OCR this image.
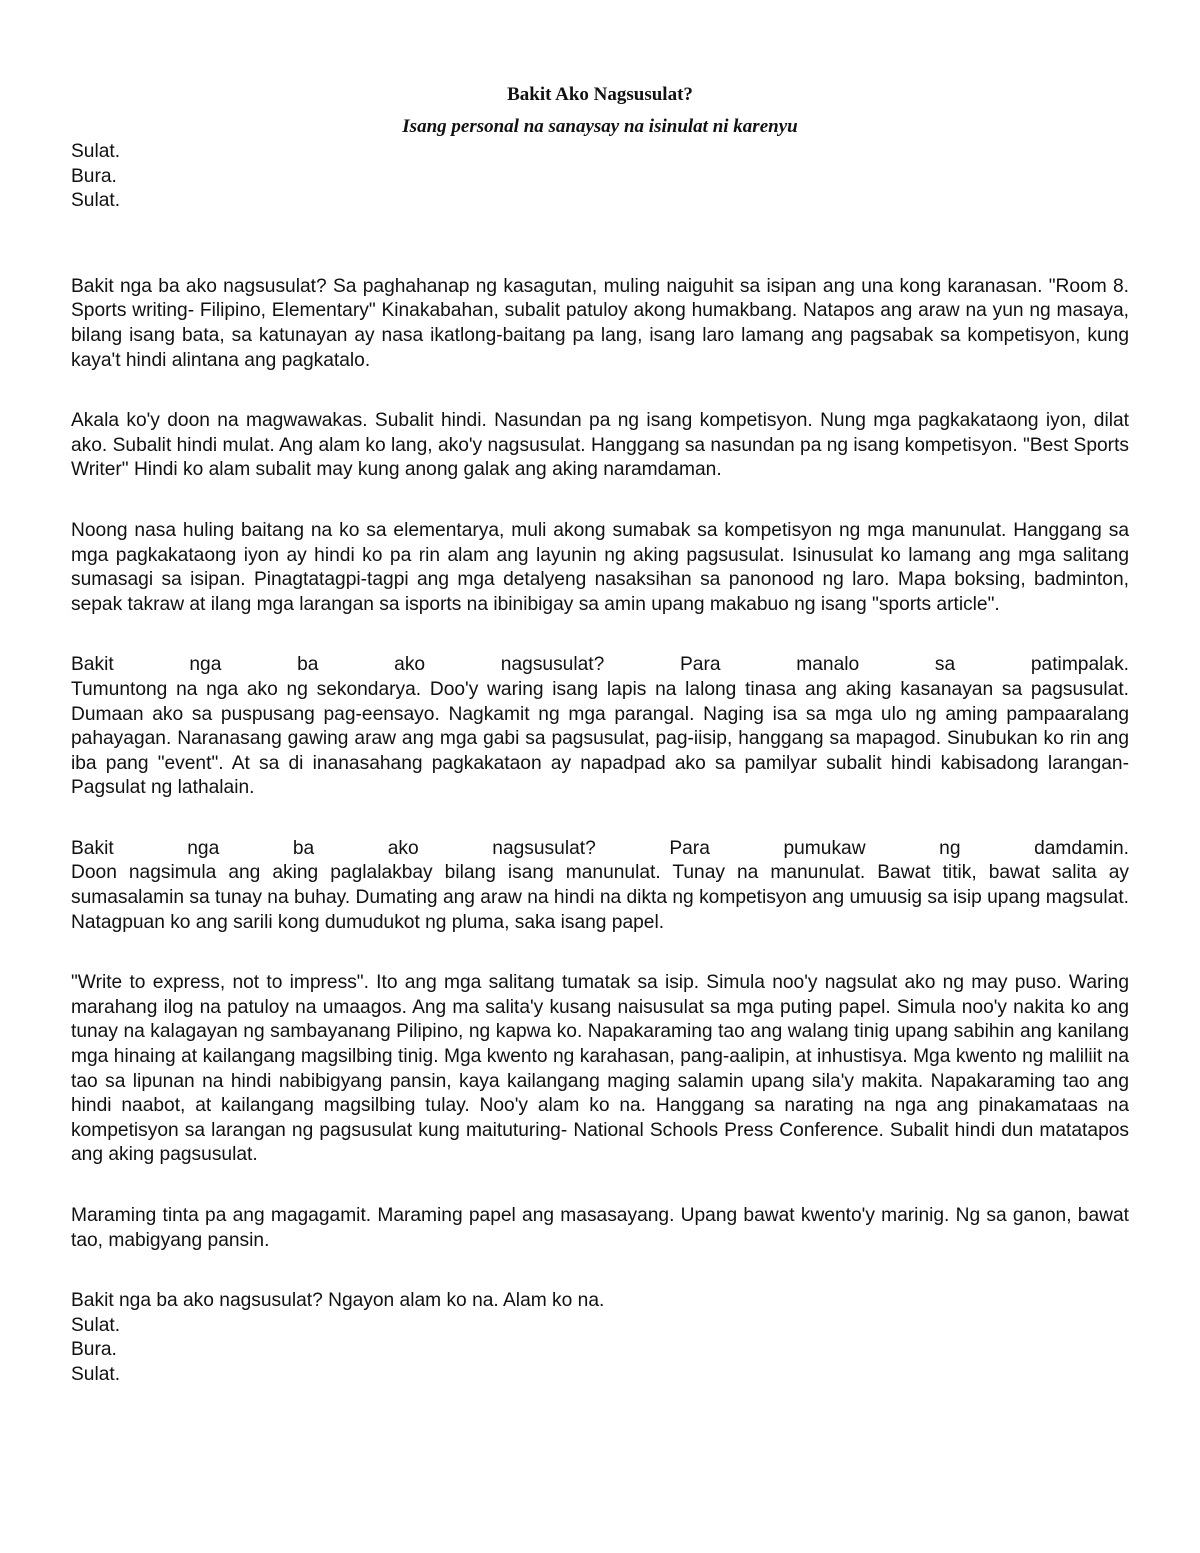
Bakit Ako Nagsusulat?
Isang personal na sanaysay na isinulat ni karenyu
Sulat.
Bura.
Sulat.

Bakit nga ba ako nagsusulat? Sa paghahanap ng kasagutan, muling naiguhit sa isipan ang una kong karanasan. "Room 8. Sports writing- Filipino, Elementary" Kinakabahan, subalit patuloy akong humakbang. Natapos ang araw na yun ng masaya, bilang isang bata, sa katunayan ay nasa ikatlong-baitang pa lang, isang laro lamang ang pagsabak sa kompetisyon, kung kaya't hindi alintana ang pagkatalo.

Akala ko'y doon na magwawakas. Subalit hindi. Nasundan pa ng isang kompetisyon. Nung mga pagkakataong iyon, dilat ako. Subalit hindi mulat. Ang alam ko lang, ako'y nagsusulat. Hanggang sa nasundan pa ng isang kompetisyon. "Best Sports Writer" Hindi ko alam subalit may kung anong galak ang aking naramdaman.

Noong nasa huling baitang na ko sa elementarya, muli akong sumabak sa kompetisyon ng mga manunulat. Hanggang sa mga pagkakataong iyon ay hindi ko pa rin alam ang layunin ng aking pagsusulat. Isinusulat ko lamang ang mga salitang sumasagi sa isipan. Pinagtatagpi-tagpi ang mga detalyeng nasaksihan sa panonood ng laro. Mapa boksing, badminton, sepak takraw at ilang mga larangan sa isports na ibinibigay sa amin upang makabuo ng isang "sports article".

Bakit nga ba ako nagsusulat? Para manalo sa patimpalak.

Tumuntong na nga ako ng sekondarya. Doo'y waring isang lapis na lalong tinasa ang aking kasanayan sa pagsusulat. Dumaan ako sa puspusang pag-eensayo. Nagkamit ng mga parangal. Naging isa sa mga ulo ng aming pampaaralang pahayagan. Naranasang gawing araw ang mga gabi sa pagsusulat, pag-iisip, hanggang sa mapagod. Sinubukan ko rin ang iba pang "event". At sa di inanasahang pagkakataon ay napadpad ako sa pamilyar subalit hindi kabisadong larangan- Pagsulat ng lathalain.

Bakit nga ba ako nagsusulat? Para pumukaw ng damdamin.

Doon nagsimula ang aking paglalakbay bilang isang manunulat. Tunay na manunulat. Bawat titik, bawat salita ay sumasalamin sa tunay na buhay. Dumating ang araw na hindi na dikta ng kompetisyon ang umuusig sa isip upang magsulat. Natagpuan ko ang sarili kong dumudukot ng pluma, saka isang papel.

"Write to express, not to impress". Ito ang mga salitang tumatak sa isip. Simula noo'y nagsulat ako ng may puso. Waring marahang ilog na patuloy na umaagos. Ang ma salita'y kusang naisusulat sa mga puting papel. Simula noo'y nakita ko ang tunay na kalagayan ng sambayanang Pilipino, ng kapwa ko. Napakaraming tao ang walang tinig upang sabihin ang kanilang mga hinaing at kailangang magsilbing tinig. Mga kwento ng karahasan, pang-aalipin, at inhustisya. Mga kwento ng maliliit na tao sa lipunan na hindi nabibigyang pansin, kaya kailangang maging salamin upang sila'y makita. Napakaraming tao ang hindi naabot, at kailangang magsilbing tulay. Noo'y alam ko na. Hanggang sa narating na nga ang pinakamataas na kompetisyon sa larangan ng pagsusulat kung maituturing- National Schools Press Conference. Subalit hindi dun matatapos ang aking pagsusulat.

Maraming tinta pa ang magagamit. Maraming papel ang masasayang. Upang bawat kwento'y marinig. Ng sa ganon, bawat tao, mabigyang pansin.

Bakit nga ba ako nagsusulat? Ngayon alam ko na. Alam ko na.
Sulat.
Bura.
Sulat.
